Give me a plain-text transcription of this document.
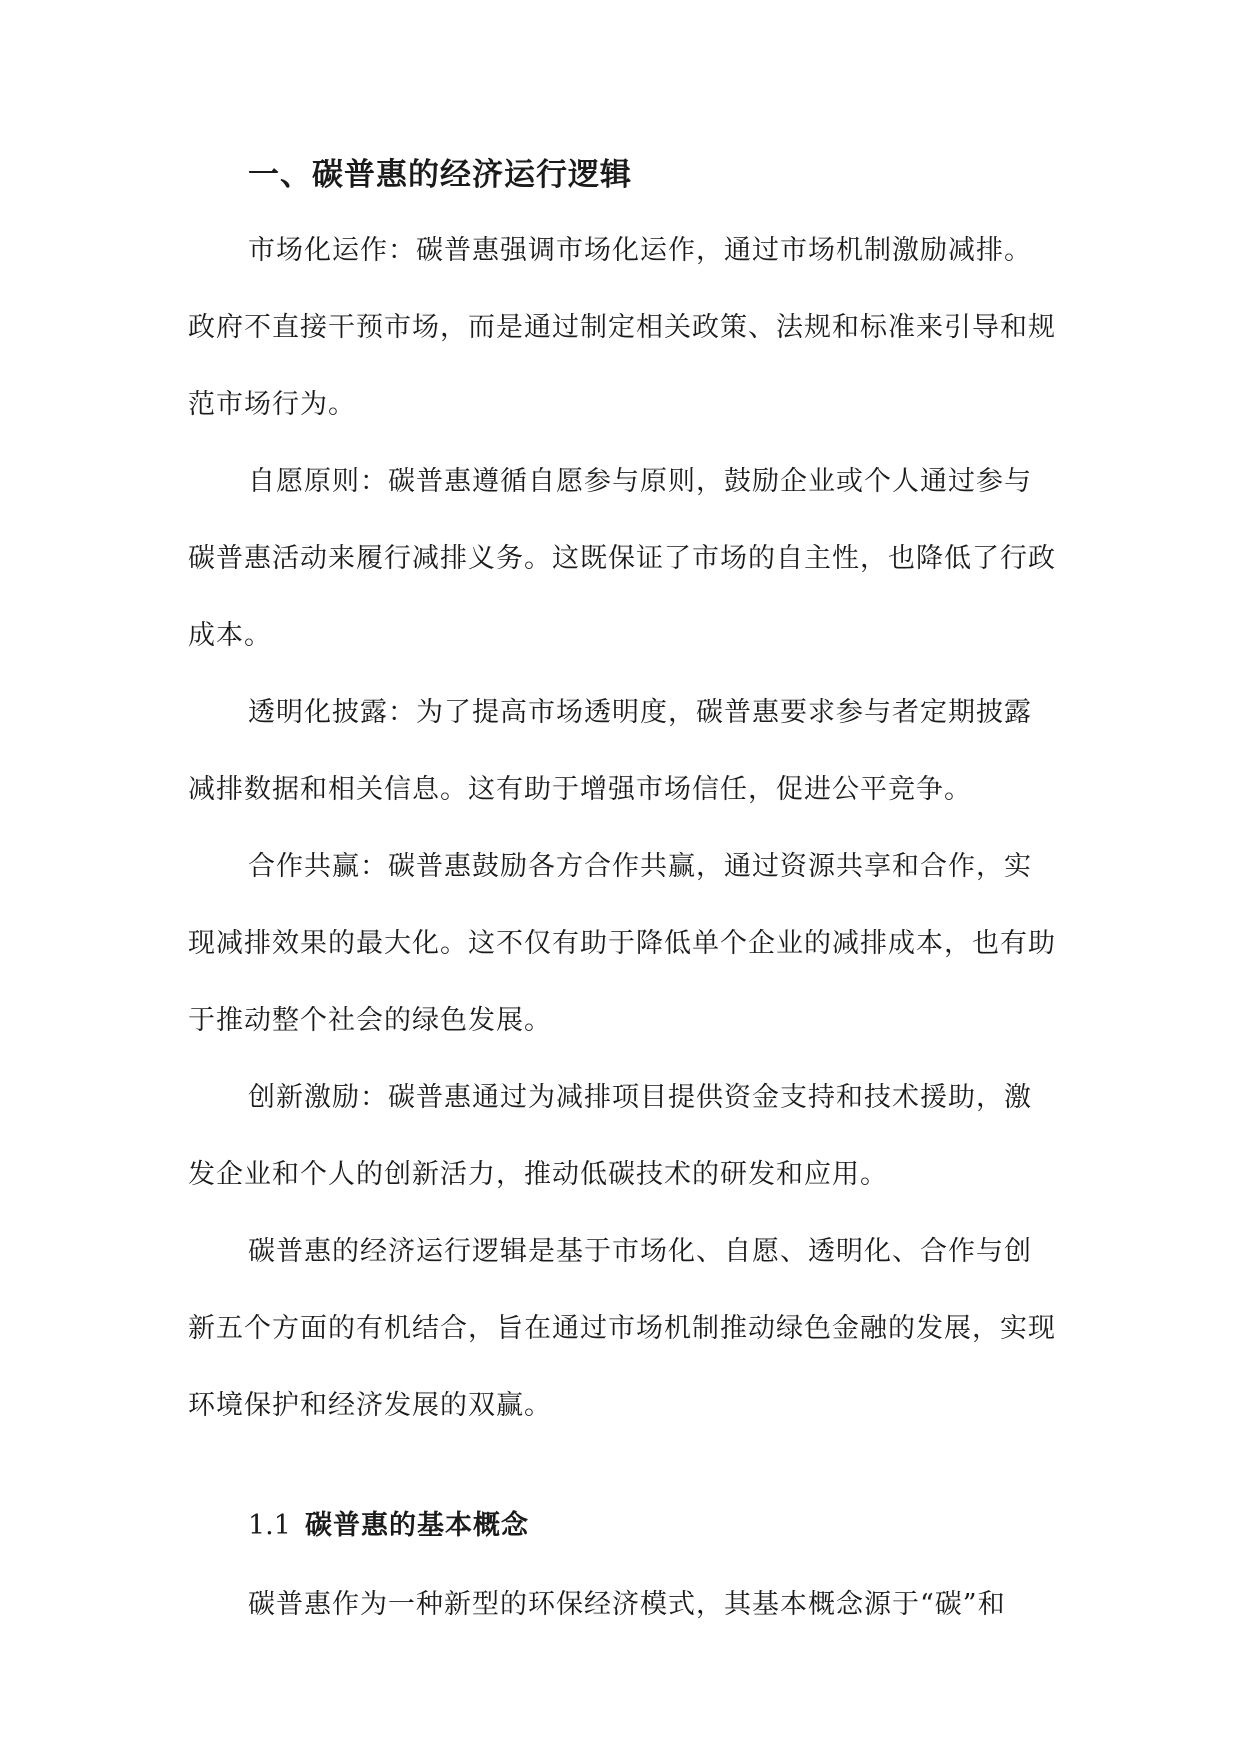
一、碳普惠的经济运行逻辑

市场化运作：碳普惠强调市场化运作，通过市场机制激励减排。政府不直接干预市场，而是通过制定相关政策、法规和标准来引导和规范市场行为。

自愿原则：碳普惠遵循自愿参与原则，鼓励企业或个人通过参与碳普惠活动来履行减排义务。这既保证了市场的自主性，也降低了行政成本。

透明化披露：为了提高市场透明度，碳普惠要求参与者定期披露减排数据和相关信息。这有助于增强市场信任，促进公平竞争。

合作共赢：碳普惠鼓励各方合作共赢，通过资源共享和合作，实现减排效果的最大化。这不仅有助于降低单个企业的减排成本，也有助于推动整个社会的绿色发展。

创新激励：碳普惠通过为减排项目提供资金支持和技术援助，激发企业和个人的创新活力，推动低碳技术的研发和应用。

碳普惠的经济运行逻辑是基于市场化、自愿、透明化、合作与创新五个方面的有机结合，旨在通过市场机制推动绿色金融的发展，实现环境保护和经济发展的双赢。

1.1 碳普惠的基本概念

碳普惠作为一种新型的环保经济模式，其基本概念源于“碳”和
